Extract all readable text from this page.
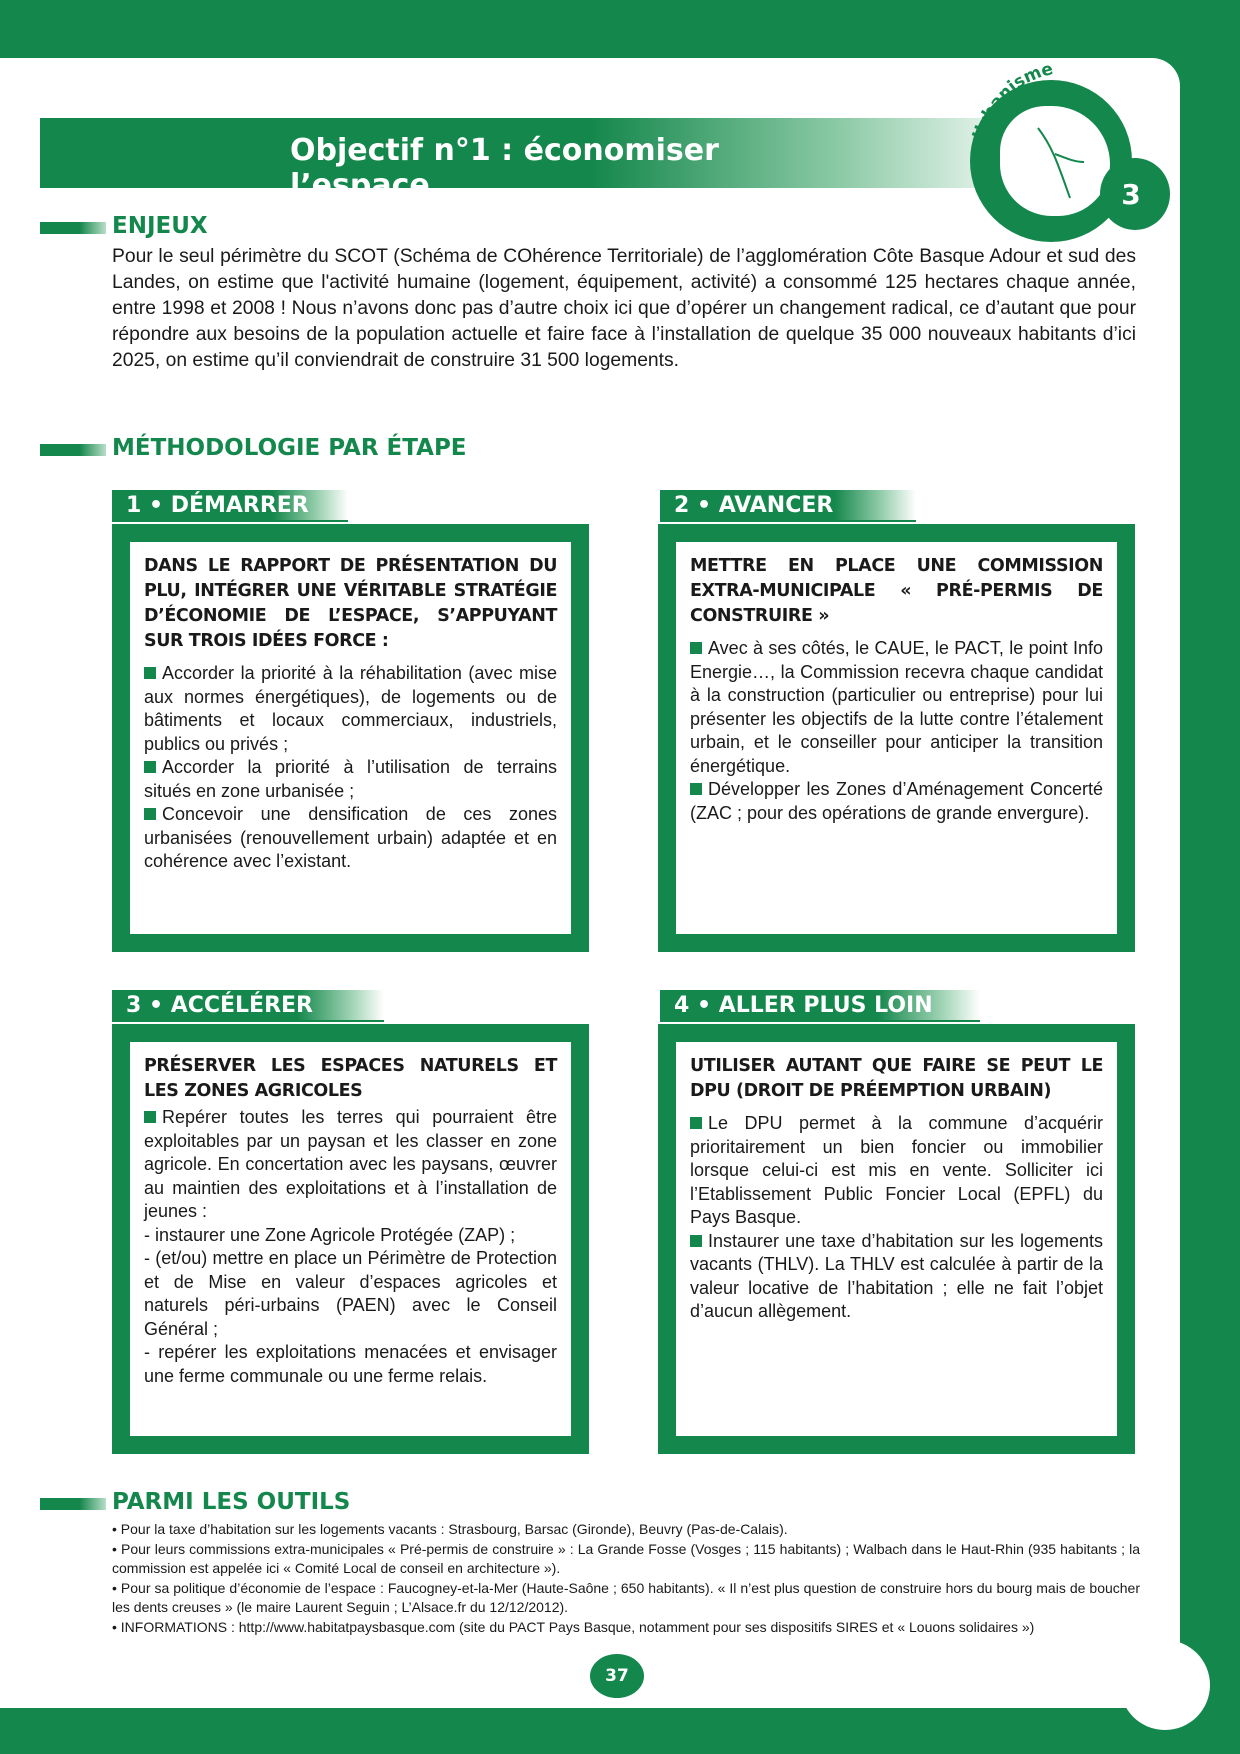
Objectif n°1 : économiser l’espace
Urbanisme
3
ENJEUX
Pour le seul périmètre du SCOT (Schéma de COhérence Territoriale) de l’agglomération Côte Basque Adour et sud des Landes, on estime que l'activité humaine (logement, équipement, activité) a consommé 125 hectares chaque année, entre 1998 et 2008 ! Nous n’avons donc pas d’autre choix ici que d’opérer un changement radical, ce d’autant que pour répondre aux besoins de la population actuelle et faire face à l’installation de quelque 35 000 nouveaux habitants d’ici 2025, on estime qu’il conviendrait de construire 31 500 logements.
MÉTHODOLOGIE PAR ÉTAPE
1 • DÉMARRER
DANS LE RAPPORT DE PRÉSENTATION DU PLU, INTÉGRER UNE VÉRITABLE STRATÉGIE D’ÉCONOMIE DE L’ESPACE, S’APPUYANT SUR TROIS IDÉES FORCE :

Accorder la priorité à la réhabilitation (avec mise aux normes énergétiques), de logements ou de bâtiments et locaux commerciaux, industriels, publics ou privés ;

Accorder la priorité à l’utilisation de terrains situés en zone urbanisée ;

Concevoir une densification de ces zones urbanisées (renouvellement urbain) adaptée et en cohérence avec l’existant.

2 • AVANCER
METTRE EN PLACE UNE COMMISSION EXTRA-MUNICIPALE « PRÉ-PERMIS DE CONSTRUIRE »

Avec à ses côtés, le CAUE, le PACT, le point Info Energie…, la Commission recevra chaque candidat à la construction (particulier ou entreprise) pour lui présenter les objectifs de la lutte contre l’étalement urbain, et le conseiller pour anticiper la transition énergétique.

Développer les Zones d’Aménagement Concerté (ZAC ; pour des opérations de grande envergure).

3 • ACCÉLÉRER
PRÉSERVER LES ESPACES NATURELS ET LES ZONES AGRICOLES

Repérer toutes les terres qui pourraient être exploitables par un paysan et les classer en zone agricole. En concertation avec les paysans, œuvrer au maintien des exploitations et à l’installation de jeunes :

- instaurer une Zone Agricole Protégée (ZAP) ;

- (et/ou) mettre en place un Périmètre de Protection et de Mise en valeur d’espaces agricoles et naturels péri-urbains (PAEN) avec le Conseil Général ;

- repérer les exploitations menacées et envisager une ferme communale ou une ferme relais.

4 • ALLER PLUS LOIN
UTILISER AUTANT QUE FAIRE SE PEUT LE DPU (DROIT DE PRÉEMPTION URBAIN)

Le DPU permet à la commune d’acquérir prioritairement un bien foncier ou immobilier lorsque celui-ci est mis en vente. Solliciter ici l’Etablissement Public Foncier Local (EPFL) du Pays Basque.

Instaurer une taxe d’habitation sur les logements vacants (THLV). La THLV est calculée à partir de la valeur locative de l’habitation ; elle ne fait l’objet d’aucun allègement.

PARMI LES OUTILS

• Pour la taxe d’habitation sur les logements vacants : Strasbourg, Barsac (Gironde), Beuvry (Pas-de-Calais).

• Pour leurs commissions extra-municipales « Pré-permis de construire » : La Grande Fosse (Vosges ; 115 habitants) ; Walbach dans le Haut-Rhin (935 habitants ; la commission est appelée ici « Comité Local de conseil en architecture »).

• Pour sa politique d’économie de l’espace : Faucogney-et-la-Mer (Haute-Saône ; 650 habitants). « Il n’est plus question de construire hors du bourg mais de boucher les dents creuses » (le maire Laurent Seguin ; L’Alsace.fr du 12/12/2012).

• INFORMATIONS : http://www.habitatpaysbasque.com (site du PACT Pays Basque, notamment pour ses dispositifs SIRES et « Louons solidaires »)

37
